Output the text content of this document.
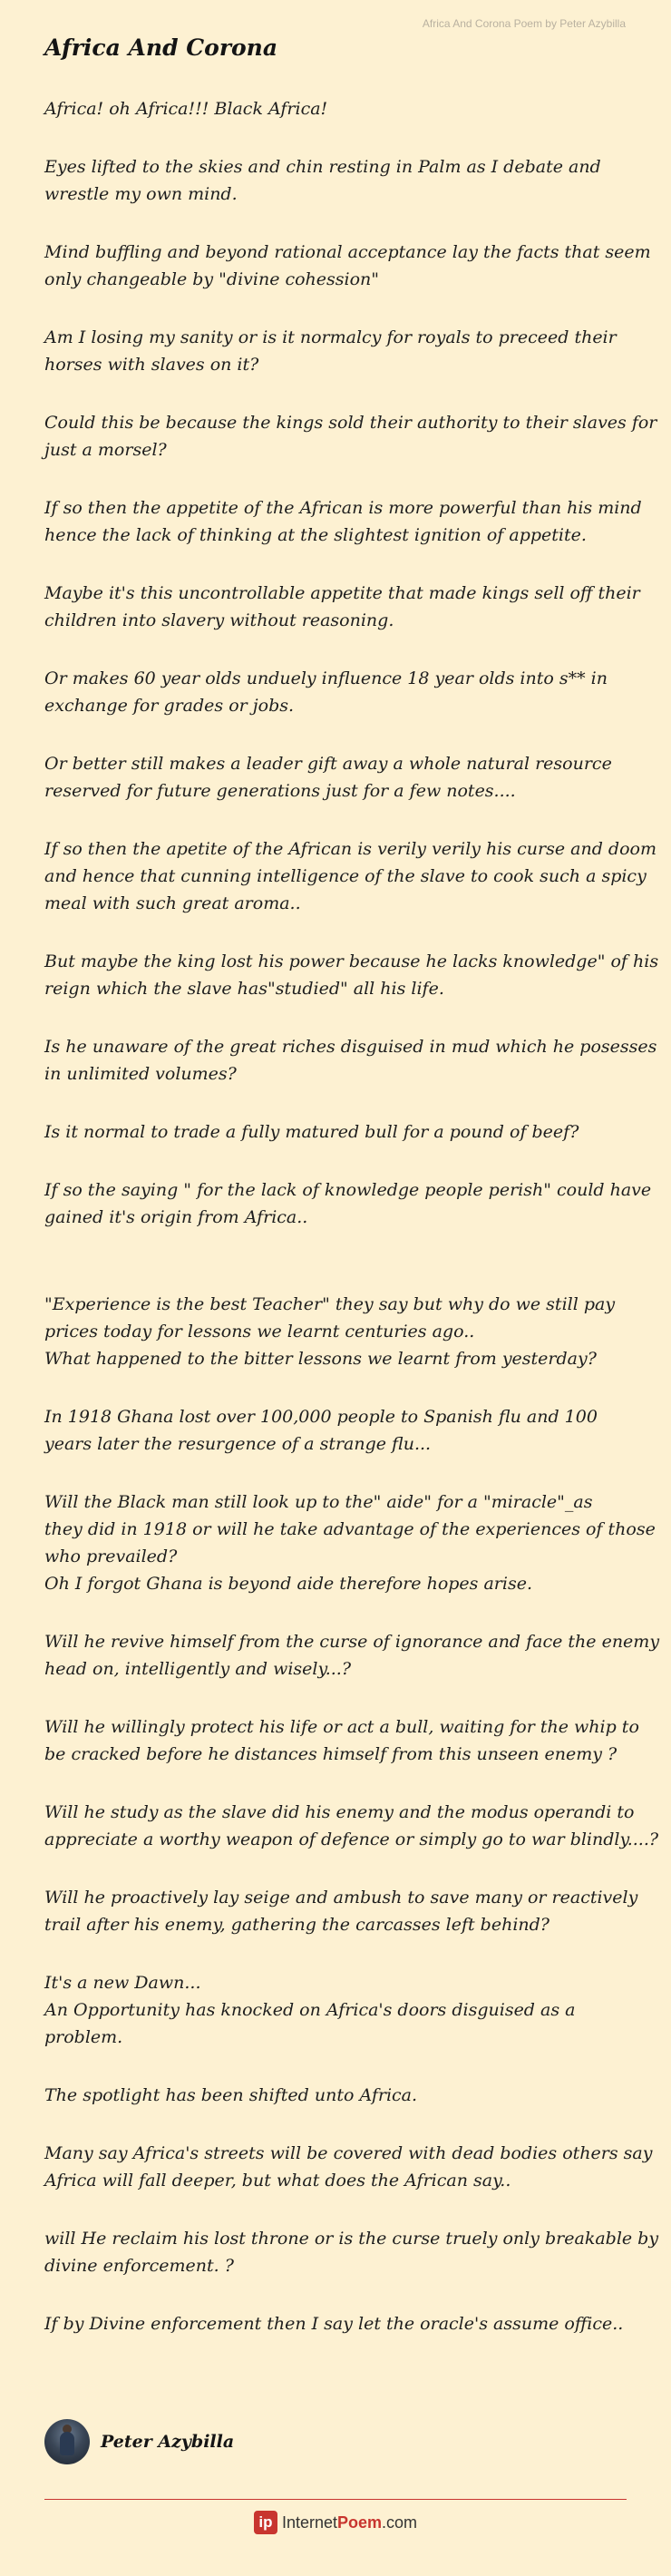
Africa And Corona Poem by Peter Azybilla
Africa And Corona

Africa! oh Africa!!! Black Africa!

Eyes lifted to the skies and chin resting in Palm as I debate and
wrestle my own mind.

Mind buffling and beyond rational acceptance lay the facts that seem
only changeable by "divine cohession"

Am I losing my sanity or is it normalcy for royals to preceed their
horses with slaves on it?

Could this be because the kings sold their authority to their slaves for
just a morsel?

If so then the appetite of the African is more powerful than his mind
hence the lack of thinking at the slightest ignition of appetite.

Maybe it's this uncontrollable appetite that made kings sell off their
children into slavery without reasoning.

Or makes 60 year olds unduely influence 18 year olds into s** in
exchange for grades or jobs.

Or better still makes a leader gift away a whole natural resource
reserved for future generations just for a few notes....

If so then the apetite of the African is verily verily his curse and doom
and hence that cunning intelligence of the slave to cook such a spicy
meal with such great aroma..

But maybe the king lost his power because he lacks knowledge" of his
reign which the slave has"studied" all his life.

Is he unaware of the great riches disguised in mud which he posesses
in unlimited volumes?

Is it normal to trade a fully matured bull for a pound of beef?

If so the saying " for the lack of knowledge people perish" could have
gained it's origin from Africa..

"Experience is the best Teacher" they say but why do we still pay
prices today for lessons we learnt centuries ago..
What happened to the bitter lessons we learnt from yesterday?

In 1918 Ghana lost over 100,000 people to Spanish flu and 100
years later the resurgence of a strange flu...

Will the Black man still look up to the" aide" for a "miracle"_as
they did in 1918 or will he take advantage of the experiences of those
who prevailed?
Oh I forgot Ghana is beyond aide therefore hopes arise.

Will he revive himself from the curse of ignorance and face the enemy
head on, intelligently and wisely...?

Will he willingly protect his life or act a bull, waiting for the whip to
be cracked before he distances himself from this unseen enemy ?

Will he study as the slave did his enemy and the modus operandi to
appreciate a worthy weapon of defence or simply go to war blindly....?

Will he proactively lay seige and ambush to save many or reactively
trail after his enemy, gathering the carcasses left behind?

It's a new Dawn...
An Opportunity has knocked on Africa's doors disguised as a
problem.

The spotlight has been shifted unto Africa.

Many say Africa's streets will be covered with dead bodies others say
Africa will fall deeper, but what does the African say..

will He reclaim his lost throne or is the curse truely only breakable by
divine enforcement. ?

If by Divine enforcement then I say let the oracle's assume office..

Peter Azybilla
ip InternetPoem.com
